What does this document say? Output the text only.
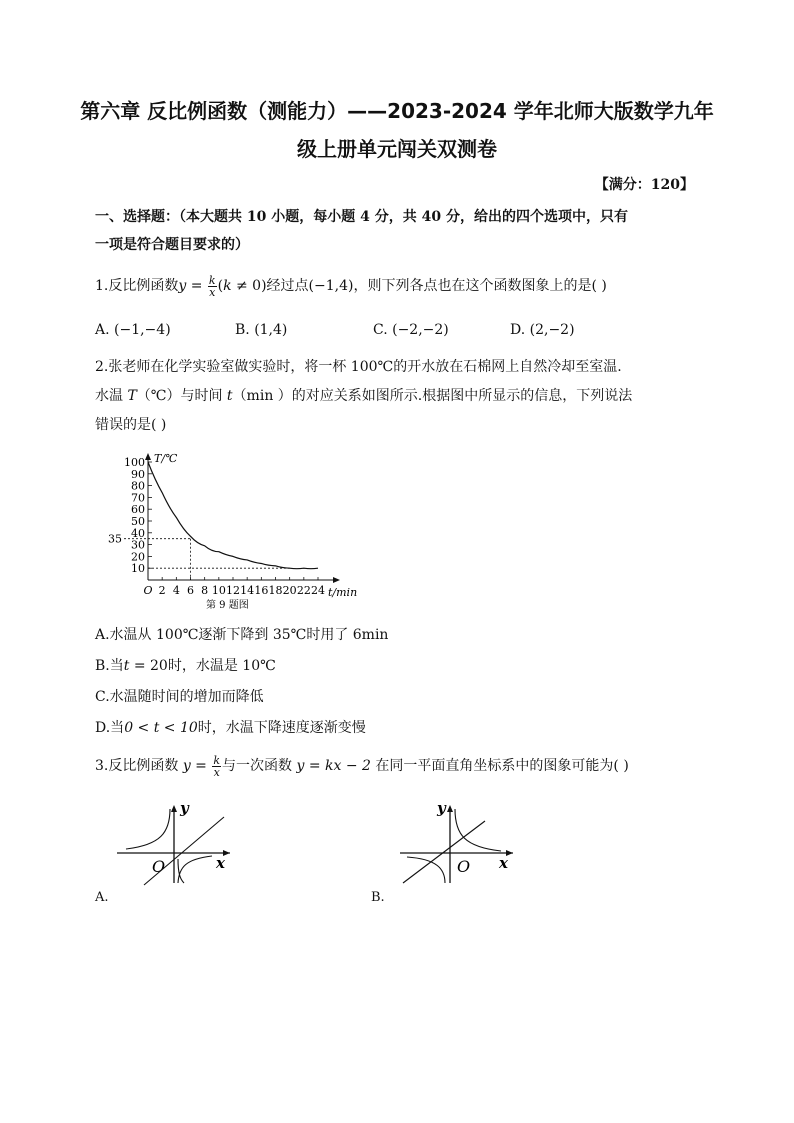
第六章 反比例函数（测能力）——2023-2024 学年北师大版数学九年
级上册单元闯关双测卷
【满分：120】
一、选择题：（本大题共 10 小题，每小题 4 分，共 40 分，给出的四个选项中，只有
一项是符合题目要求的）
1.反比例函数$y = \frac{k}{x} (k \ne 0)$经过点(−1,4)，则下列各点也在这个函数图象上的是( )
A. (−1,−4)	B. (1,4)	C. (−2,−2)	D. (2,−2)
2.张老师在化学实验室做实验时，将一杯 100℃的开水放在石棉网上自然冷却至室温.
水温 T（℃）与时间 t（min ）的对应关系如图所示.根据图中所显示的信息，下列说法
错误的是( )
10
20
30
40
50
60
70
80
90
100
O 2 4 6 8 10 12 14 16 18 20 22 24
T/℃
t/min
35
第 9 题图
A.水温从 100℃逐渐下降到 35℃时用了 6min
B.当t = 20时，水温是 10℃
C.水温随时间的增加而降低
D.当0 < t < 10时，水温下降速度逐渐变慢
3.反比例函数 $y = \frac{k}{x}$ 与一次函数 y = kx − 2 在同一平面直角坐标系中的图象可能为( )
y
x
O
A.
y
x
O
B.
